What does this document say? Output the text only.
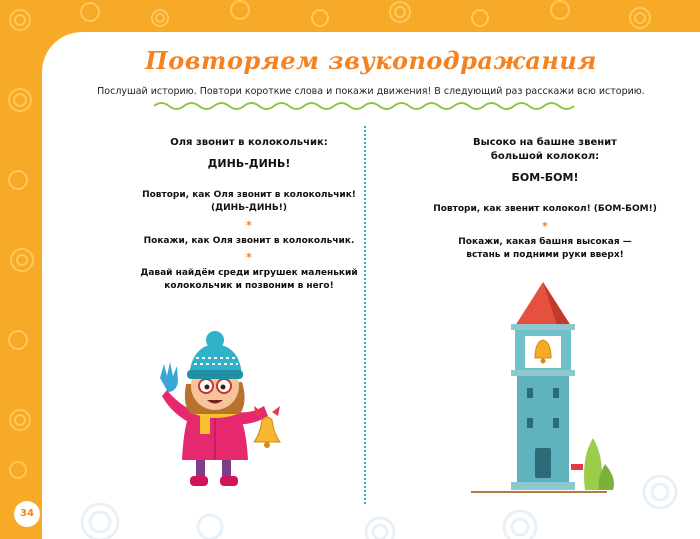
Повторяем звукоподражания
Послушай историю. Повтори короткие слова и покажи движения! В следующий раз расскажи всю историю.

Оля звонит в колокольчик:

ДИНЬ-ДИНЬ!

Повтори, как Оля звонит в колокольчик!

(ДИНЬ-ДИНЬ!)

✶

Покажи, как Оля звонит в колокольчик.

✶

Давай найдём среди игрушек маленький

колокольчик и позвоним в него!

Высоко на башне звенит

большой колокол:

БОМ-БОМ!

Повтори, как звенит колокол! (БОМ-БОМ!)

✶

Покажи, какая башня высокая —

встань и подними руки вверх!

34
